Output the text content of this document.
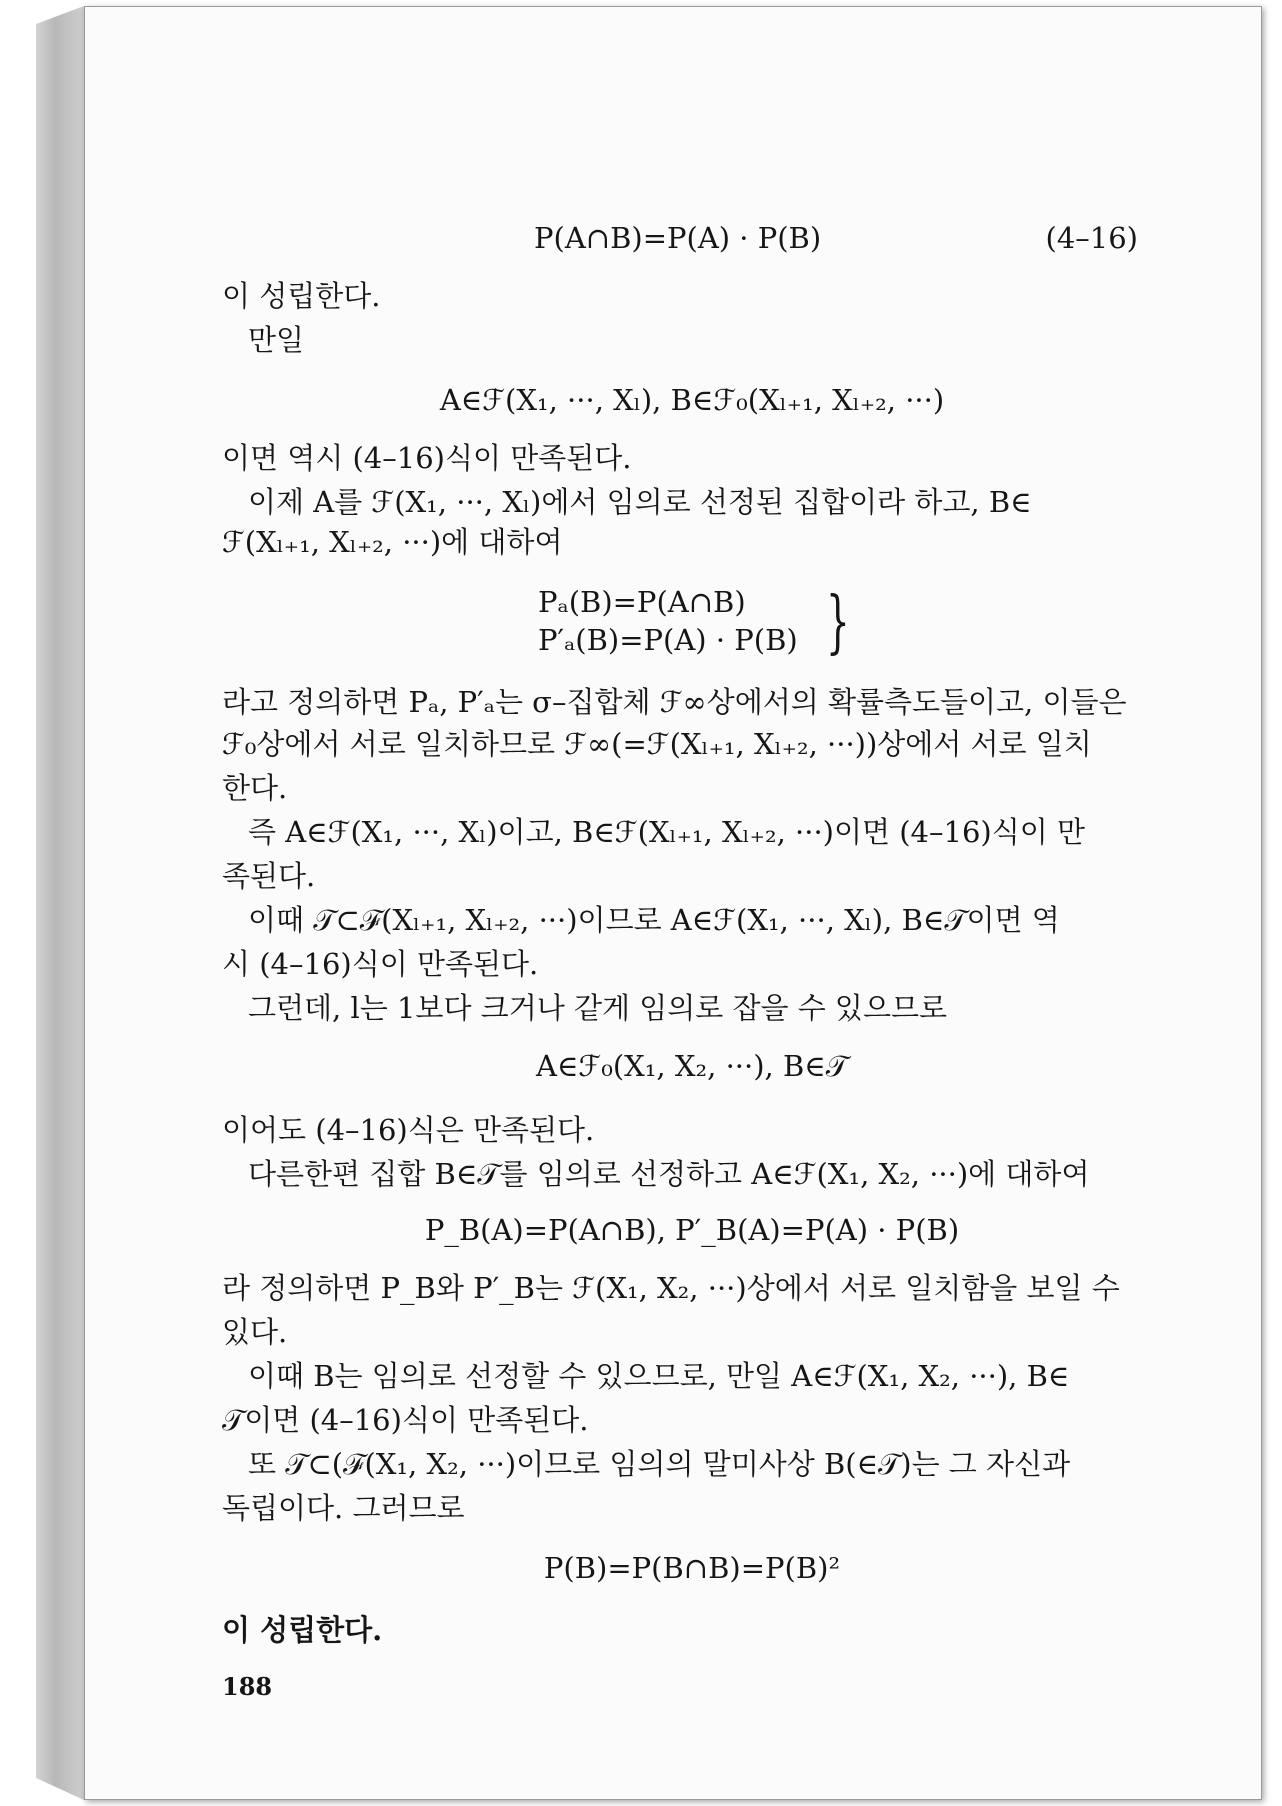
P(A∩B)=P(A) · P(B)	(4–16)
이 성립한다.
만일
A∈ℱ(X₁, ···, Xₗ), B∈ℱ₀(Xₗ₊₁, Xₗ₊₂, ···)
이면 역시 (4–16)식이 만족된다.
이제 A를 ℱ(X₁, ···, Xₗ)에서 임의로 선정된 집합이라 하고, B∈
ℱ(Xₗ₊₁, Xₗ₊₂, ···)에 대하여
Pₐ(B)=P(A∩B)
P′ₐ(B)=P(A) · P(B) }
라고 정의하면 Pₐ, P′ₐ는 σ–집합체 ℱ∞상에서의 확률측도들이고, 이들은
ℱ₀상에서 서로 일치하므로 ℱ∞(=ℱ(Xₗ₊₁, Xₗ₊₂, ···))상에서 서로 일치
한다.
즉 A∈ℱ(X₁, ···, Xₗ)이고, B∈ℱ(Xₗ₊₁, Xₗ₊₂, ···)이면 (4–16)식이 만
족된다.
이때 𝒯⊂ℱ(Xₗ₊₁, Xₗ₊₂, ···)이므로 A∈ℱ(X₁, ···, Xₗ), B∈𝒯이면 역
시 (4–16)식이 만족된다.
그런데, l는 1보다 크거나 같게 임의로 잡을 수 있으므로
A∈ℱ₀(X₁, X₂, ···), B∈𝒯
이어도 (4–16)식은 만족된다.
다른한편 집합 B∈𝒯를 임의로 선정하고 A∈ℱ(X₁, X₂, ···)에 대하여
P_B(A)=P(A∩B), P′_B(A)=P(A) · P(B)
라 정의하면 P_B와 P′_B는 ℱ(X₁, X₂, ···)상에서 서로 일치함을 보일 수
있다.
이때 B는 임의로 선정할 수 있으므로, 만일 A∈ℱ(X₁, X₂, ···), B∈
𝒯이면 (4–16)식이 만족된다.
또 𝒯⊂(ℱ(X₁, X₂, ···)이므로 임의의 말미사상 B(∈𝒯)는 그 자신과
독립이다. 그러므로
P(B)=P(B∩B)=P(B)²
이 성립한다.
188
